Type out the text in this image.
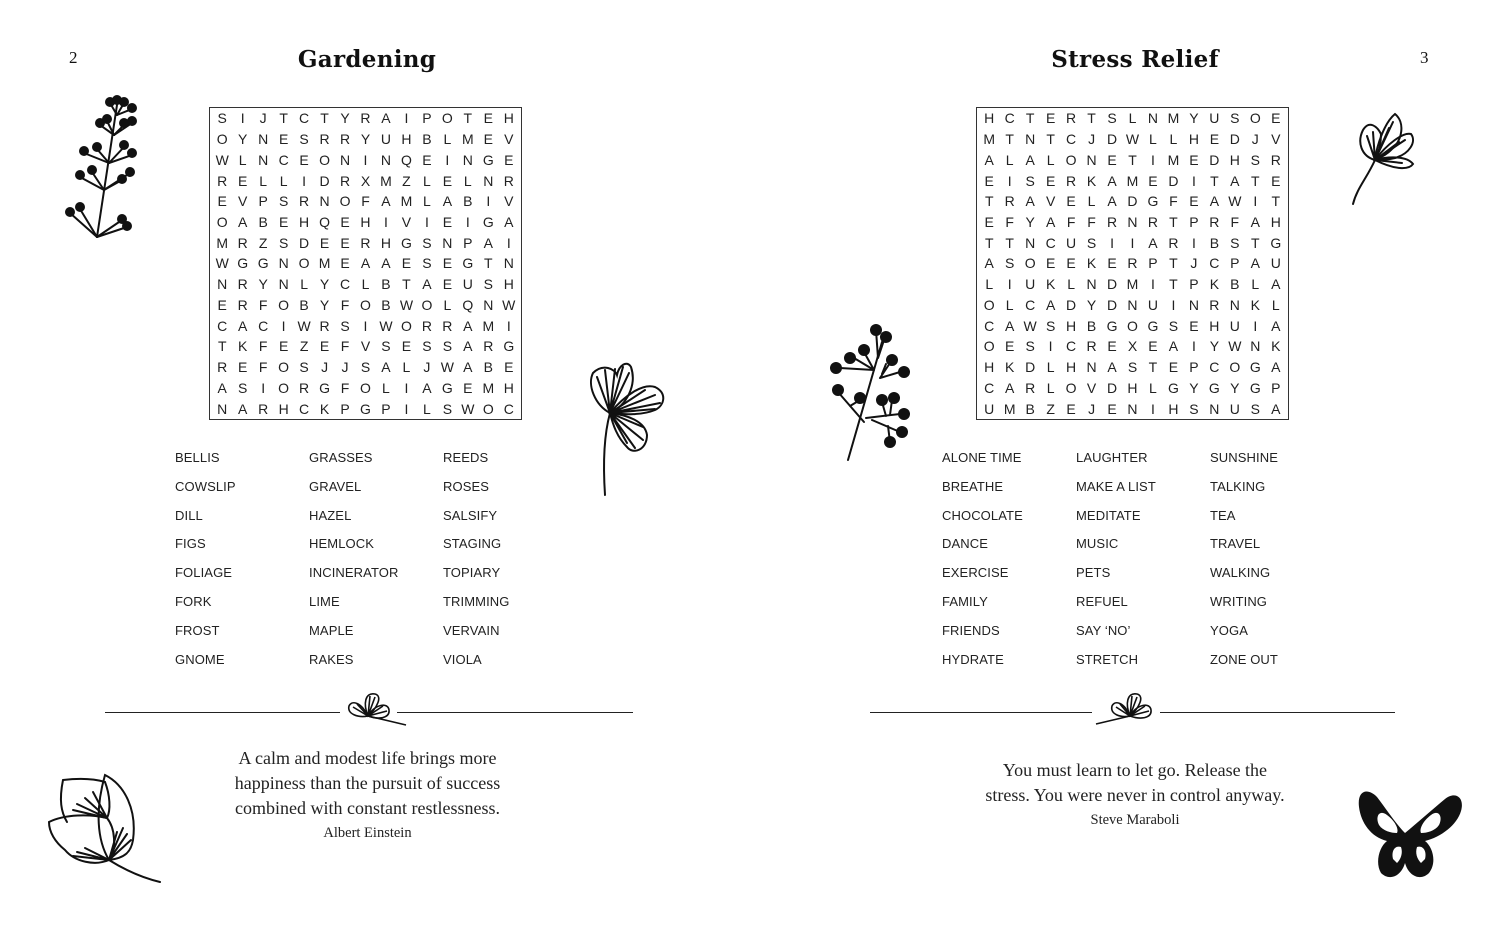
2	Gardening
S I	J T C T Y R A I P O T E H
O Y N E S R R Y U H B L M E V
W L N C E O N I N Q E I N G E
R E L L	I D R X M Z L E L N R
E V P S R N O F A M L A B I V
O A B E H Q E H I V I E I G A
M R Z S D E E R H G S N P A I
W G G N O M E A A E S E G T N
N R Y N L Y C L B T A E U S H
E R F O B Y F O B W O L Q N W
C A C I W R S I W O R R A M I
T K F E Z E F V S E S S A R G
R E F O S J J S A L J W A B E
A S I O R G F O L	I A G E M H
N A R H C K P G P I	L S W O C
BELLIS	GRASSES	REEDS
COWSLIP	GRAVEL	ROSES
DILL	HAZEL	SALSIFY
FIGS	HEMLOCK	STAGING
FOLIAGE	INCINERATOR	TOPIARY
FORK	LIME	TRIMMING
FROST	MAPLE	VERVAIN
GNOME	RAKES	VIOLA
A calm and modest life brings more
happiness than the pursuit of success
combined with constant restlessness.
Albert Einstein
3
Stress Relief
H C T E R T S L N M Y U S O E
M T N T C J D W L L H E D J V
A L A L O N E T	I M E D H S R
E I S E R K A M E D I	T A T E
T R A V E L A D G F E A W I	T
E F Y A F F R N R T P R F A H
T T N C U S I	I A R I B S T G
A S O E E K E R P T J C P A U
L	I U K L N D M I	T P K B L A
O L C A D Y D N U I N R N K L
C A W S H B G O G S E H U I A
O E S I C R E X E A I Y W N K
H K D L H N A S T E P C O G A
C A R L O V D H L G Y G Y G P
U M B Z E J E N I H S N U S A
ALONE TIME	LAUGHTER	SUNSHINE
BREATHE	MAKE A LIST	TALKING
CHOCOLATE	MEDITATE	TEA
DANCE	MUSIC	TRAVEL
EXERCISE	PETS	WALKING
FAMILY	REFUEL	WRITING
FRIENDS	SAY ‘NO’	YOGA
HYDRATE	STRETCH	ZONE OUT
You must learn to let go. Release the
stress. You were never in control anyway.
Steve Maraboli
